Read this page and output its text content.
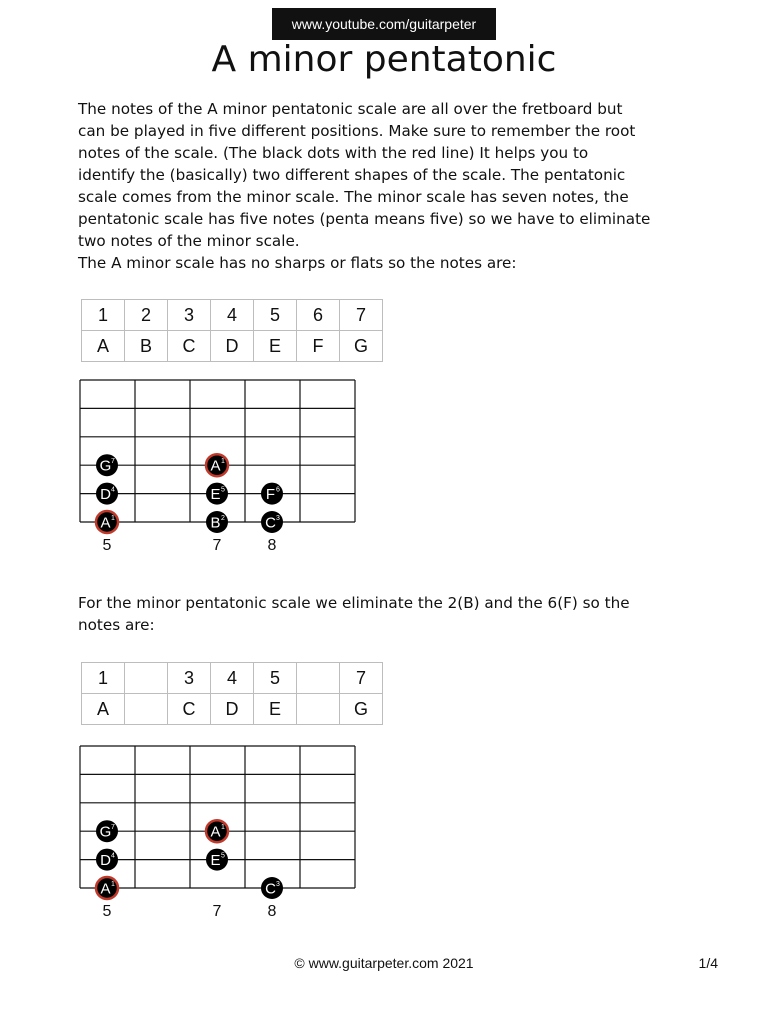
www.youtube.com/guitarpeter
A minor pentatonic
The notes of the A minor pentatonic scale are all over the fretboard but
can be played in five different positions. Make sure to remember the root
notes of the scale. (The black dots with the red line) It helps you to
identify the (basically) two different shapes of the scale. The pentatonic
scale comes from the minor scale. The minor scale has seven notes, the
pentatonic scale has five notes (penta means five) so we have to eliminate
two notes of the minor scale.
The A minor scale has no sharps or flats so the notes are:
1	2	3	4	5	6	7
A	B	C	D	E	F	G
G 7	A 1
D 4	E 5	F 6
A 1	B 2	C 3
5	7	8
For the minor pentatonic scale we eliminate the 2(B) and the 6(F) so the
notes are:
1		3	4	5		7
A		C	D	E		G
G 7	A 1
D 4	E 5
A 1	C 3
5	7	8
© www.guitarpeter.com 2021	1/4
